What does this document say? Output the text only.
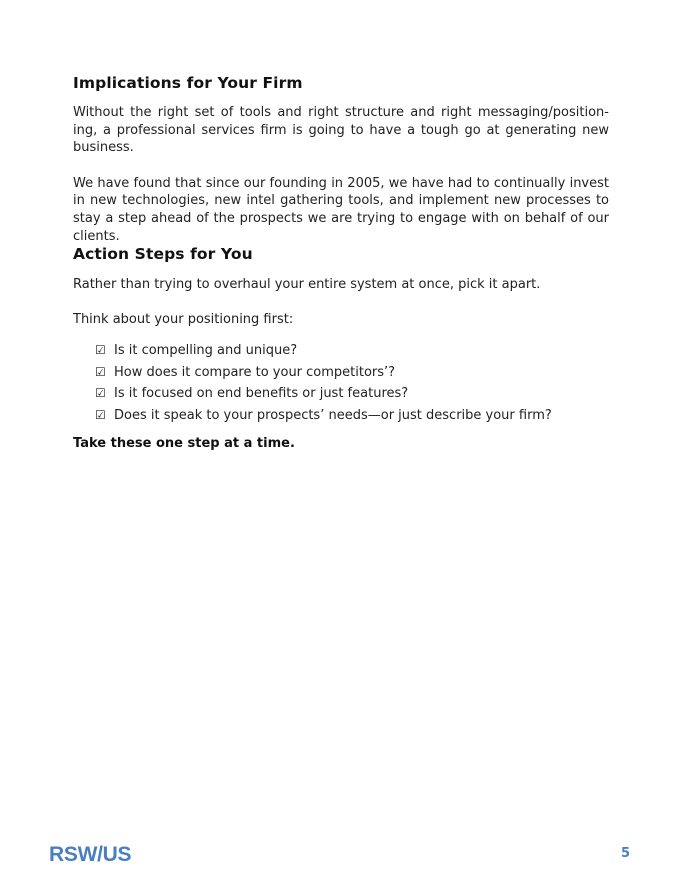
Implications for Your Firm

Without the right set of tools and right structure and right messaging/position-ing, a professional services firm is going to have a tough go at generating new business.

We have found that since our founding in 2005, we have had to continually invest in new technologies, new intel gathering tools, and implement new processes to stay a step ahead of the prospects we are trying to engage with on behalf of our clients.

Action Steps for You

Rather than trying to overhaul your entire system at once, pick it apart.

Think about your positioning first:

☑ Is it compelling and unique?
☑ How does it compare to your competitors’?
☑ Is it focused on end benefits or just features?
☑ Does it speak to your prospects’ needs—or just describe your firm?

Take these one step at a time.

RSW/US	5
